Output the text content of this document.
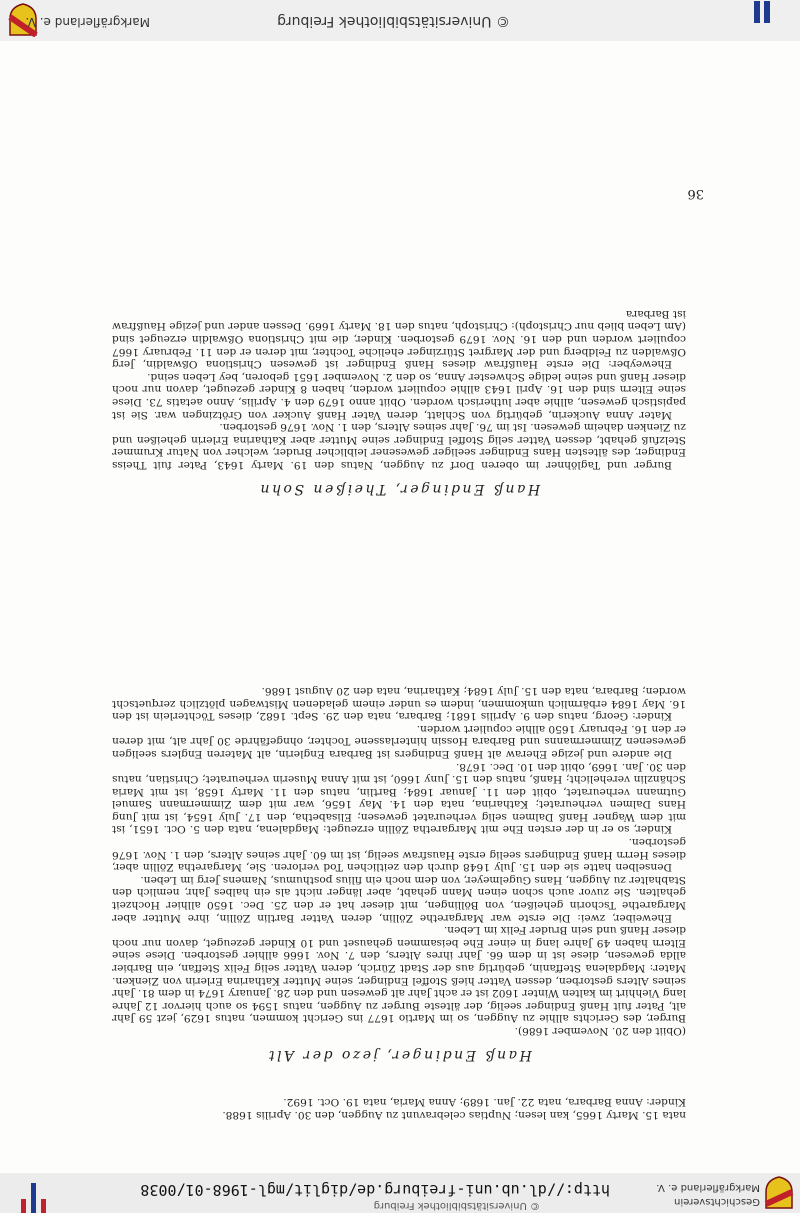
Markgräflerland e. V.	© Universitätsbibliothek Freiburg
© Universitätsbibliothek Freiburg
http://dl.ub.uni-freiburg.de/diglit/mgl-1968-01/0038
Geschichtsverein
Markgräflerland e. V.

nata 15. Marty 1665, kan lesen; Nuptias celebravunt zu Auggen, den 30. Aprilis 1688.

Kinder: Anna Barbara, nata 22. Jan. 1689; Anna Maria, nata 19. Oct. 1692.

Hanß Endinger, jezo der Alt

(Obiit den 20. November 1686).

Burger, des Gerichts allhie zu Auggen, so im Martio 1677 ins Gericht kommen, natus 1629, jezt 59 Jahr alt, Pater fuit Hanß Endinger seelig, der älteste Burger zu Auggen, natus 1594 so auch hiervor 12 Jahre lang Viehhirt im kalten Winter 1602 ist er acht Jahr alt gewesen und den 28. January 1674 in dem 81. Jahr seines Alters gestorben, dessen Vatter hieß Stoffel Endinger, seine Mutter Katharina Erlerin von Zienken. Mater: Magdalena Steffanin, gebürtig aus der Stadt Zürich, deren Vatter selig Felix Steffan, ein Barbier allda gewesen, diese ist in dem 66. Jahr ihres Alters, den 7. Nov. 1666 allhier gestorben. Diese seine Eltern haben 49 Jahre lang in einer Ehe beisammen gehauset und 10 Kinder gezeuget, davon nur noch dieser Hanß und sein Bruder Felix im Leben.

Eheweiber, zwei: Die erste war Margarethe Zöllin, deren Vatter Bartlin Zöllin, ihre Mutter aber Margarethe Tschorin geheißen, von Böllingen, mit dieser hat er den 25. Dec. 1650 allhier Hochzeit gehalten. Sie zuvor auch schon einen Mann gehabt, aber länger nicht als ein halbes Jahr, nemlich den Stabhalter zu Auggen, Hans Gugelmeyer, von dem noch ein filius posthumus, Namens Jerg im Leben.

Denselben hatte sie den 15. July 1648 durch den zeitlichen Tod verloren. Sie, Margaretha Zöllin aber, dieses Herrn Hanß Endingers seelig erste Hausfraw seelig, ist im 60. Jahr seines Alters, den 1. Nov. 1676 gestorben.

Kinder, so er in der ersten Ehe mit Margaretha Zöllin erzeuget: Magdalena, nata den 5. Oct. 1651, ist mit dem Wagner Hanß Dalmen selig verheuratet gewesen; Elisabetha, den 17. July 1654, ist mit Jung Hans Dalmen verheuratet; Katharina, nata den 14. May 1656, war mit dem Zimmermann Samuel Gutmann verheuratet, obiit den 11. Januar 1684; Bartlin, natus den 11. Marty 1658, ist mit Maria Schänzlin verehelicht; Hanß, natus den 15. Juny 1660, ist mit Anna Muserin verheuratet; Christian, natus den 30. Jan. 1669, obiit den 10. Dec. 1678.

Die andere und jezige Eheraw alt Hanß Endingers ist Barbara Englerin, alt Materen Englers seeligen gewesenen Zimmermanns und Barbara Hossin hinterlassene Tochter, ohngefährde 30 Jahr alt, mit deren er den 16. February 1650 allhie copuliert worden.

Kinder: Georg, natus den 9. Aprilis 1681; Barbara, nata den 29. Sept. 1682, dieses Töchterlein ist den 16. May 1684 erbärmlich umkommen, indem es under einem geladenen Mistwagen plötzlich zerquetscht worden; Barbara, nata den 15. July 1684; Katharina, nata den 20 August 1686.

Hanß Endinger, Theißen Sohn

Burger und Taglöhner im oberen Dorf zu Auggen, Natus den 19. Marty 1643, Pater fuit Theiss Endinger, des ältesten Hans Endinger seeliger gewesener leiblicher Bruder, welcher von Natur Krummer Stelzfuß gehabt, dessen Vatter selig Stoffel Endinger seine Mutter aber Katharina Erlerin geheißen und zu Zienken daheim gewesen. Ist im 76. Jahr seines Alters, den 1. Nov. 1676 gestorben.

Mater Anna Auckerin, gebürtig von Schlatt, deren Vater Hanß Aucker von Grötzingen war. Sie ist papistisch gewesen, allhie aber lutherisch worden. Obiit anno 1679 den 4. Aprilis, Anno aetatis 73. Diese seine Eltern sind den 16. April 1643 allhie copuliert worden, haben 8 Kinder gezeuget, davon nur noch dieser Hanß und seine ledige Schwester Anna, so den 2. November 1651 geboren, bey Leben seind.

Eheweyber: Die erste Haußfraw dieses Hanß Endinger ist gewesen Christiona Oßwaldin, Jerg Oßwalden zu Feldberg und der Margret Stürzinger eheliche Tochter, mit deren er den 11. February 1667 copuliert worden und den 16. Nov. 1679 gestorben. Kinder, die mit Christiona Oßwaldin erzeuget sind (Am Leben blieb nur Christoph): Christoph, natus den 18. Marty 1669. Dessen ander und jezige Haußfraw ist Barbara

36
